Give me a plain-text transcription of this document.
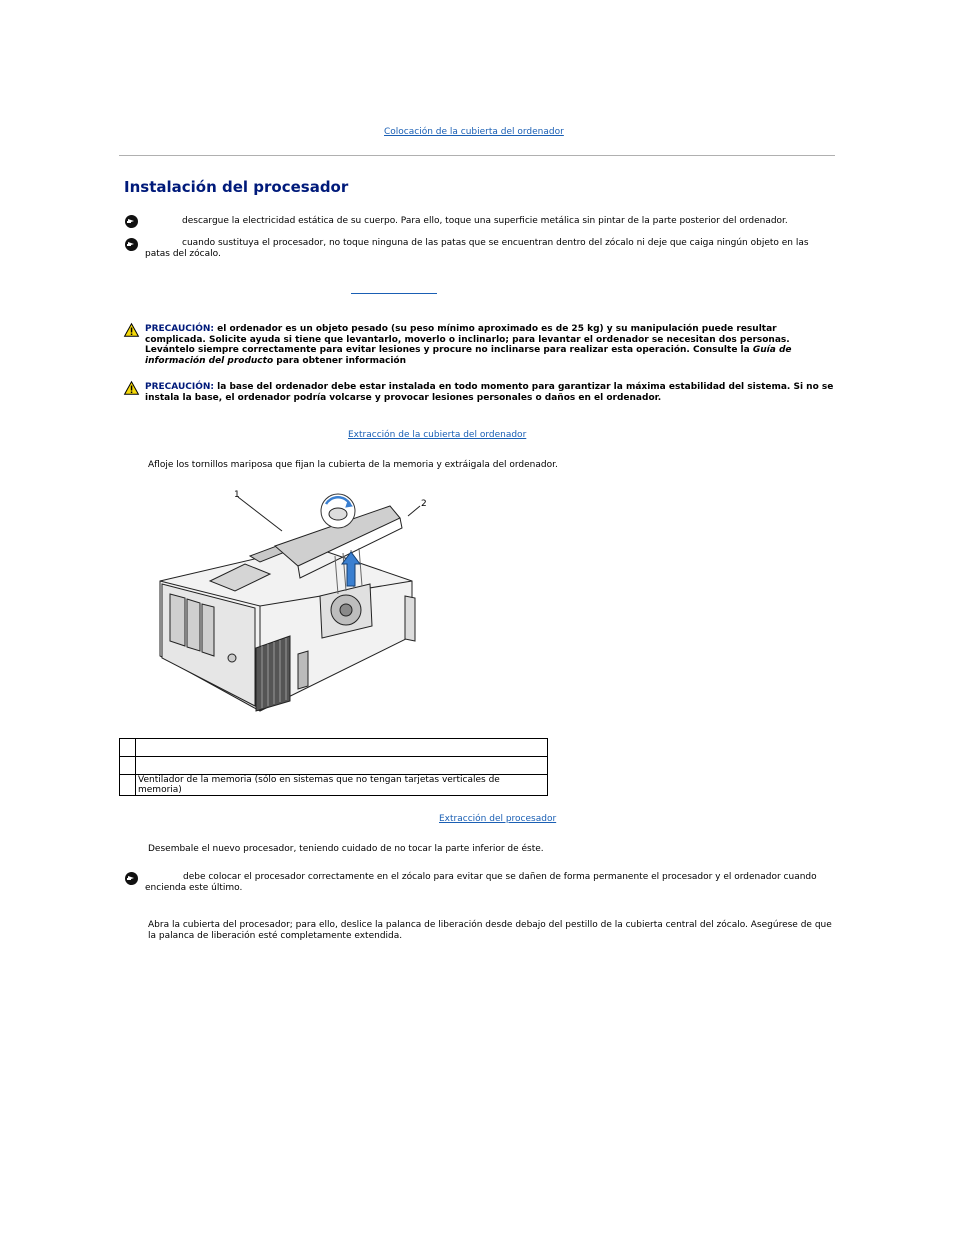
Colocación de la cubierta del ordenador
Instalación del procesador
descargue la electricidad estática de su cuerpo. Para ello, toque una superficie metálica sin pintar de la parte posterior del ordenador.
cuando sustituya el procesador, no toque ninguna de las patas que se encuentran dentro del zócalo ni deje que caiga ningún objeto en las patas del zócalo.
PRECAUCIÓN: el ordenador es un objeto pesado (su peso mínimo aproximado es de 25 kg) y su manipulación puede resultar complicada. Solicite ayuda si tiene que levantarlo, moverlo o inclinarlo; para levantar el ordenador se necesitan dos personas. Levántelo siempre correctamente para evitar lesiones y procure no inclinarse para realizar esta operación. Consulte la Guía de información del producto para obtener información
PRECAUCIÓN: la base del ordenador debe estar instalada en todo momento para garantizar la máxima estabilidad del sistema. Si no se instala la base, el ordenador podría volcarse y provocar lesiones personales o daños en el ordenador.
Extracción de la cubierta del ordenador
Afloje los tornillos mariposa que fijan la cubierta de la memoria y extráigala del ordenador.
1
2

	Ventilador de la memoria (sólo en sistemas que no tengan tarjetas verticales de memoria)
Extracción del procesador
Desembale el nuevo procesador, teniendo cuidado de no tocar la parte inferior de éste.
debe colocar el procesador correctamente en el zócalo para evitar que se dañen de forma permanente el procesador y el ordenador cuando encienda este último.
Abra la cubierta del procesador; para ello, deslice la palanca de liberación desde debajo del pestillo de la cubierta central del zócalo. Asegúrese de que la palanca de liberación esté completamente extendida.
